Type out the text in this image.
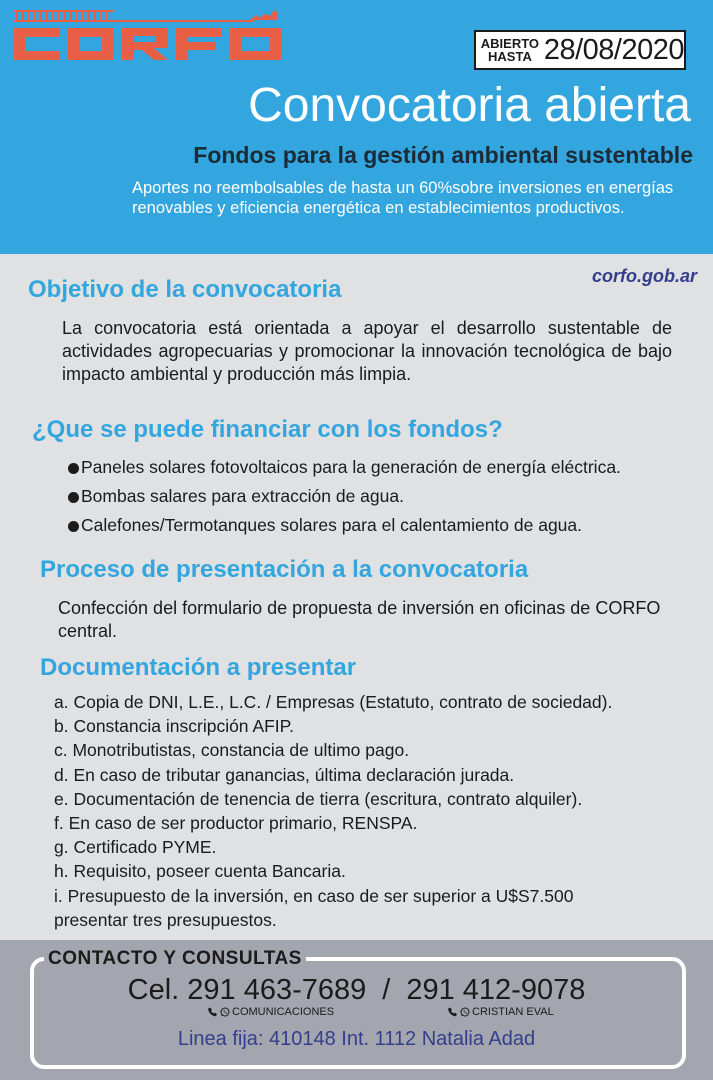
ABIERTO
HASTA 28/08/2020
Convocatoria abierta
Fondos para la gestión ambiental sustentable
Aportes no reembolsables de hasta un 60%sobre inversiones en energías renovables y eficiencia energética en establecimientos productivos.
corfo.gob.ar
Objetivo de la convocatoria
La convocatoria está orientada a apoyar el desarrollo sustentable de actividades agropecuarias y promocionar la innovación tecnológica de bajo impacto ambiental y producción más limpia.
¿Que se puede financiar con los fondos?
Paneles solares fotovoltaicos para la generación de energía eléctrica.
Bombas salares para extracción de agua.
Calefones/Termotanques solares para el calentamiento de agua.
Proceso de presentación a la convocatoria
Confección del formulario de propuesta de inversión en oficinas de CORFO central.
Documentación a presentar
a. Copia de DNI, L.E., L.C. / Empresas (Estatuto, contrato de sociedad).
b. Constancia inscripción AFIP.
c. Monotributistas, constancia de ultimo pago.
d. En caso de tributar ganancias, última declaración jurada.
e. Documentación de tenencia de tierra (escritura, contrato alquiler).
f. En caso de ser productor primario, RENSPA.
g. Certificado PYME.
h. Requisito, poseer cuenta Bancaria.
i. Presupuesto de la inversión, en caso de ser superior a U$S7.500
presentar tres presupuestos.
CONTACTO Y CONSULTAS
Cel. 291 463-7689 / 291 412-9078
COMUNICACIONES	CRISTIAN EVAL
Linea fija: 410148 Int. 1112 Natalia Adad
